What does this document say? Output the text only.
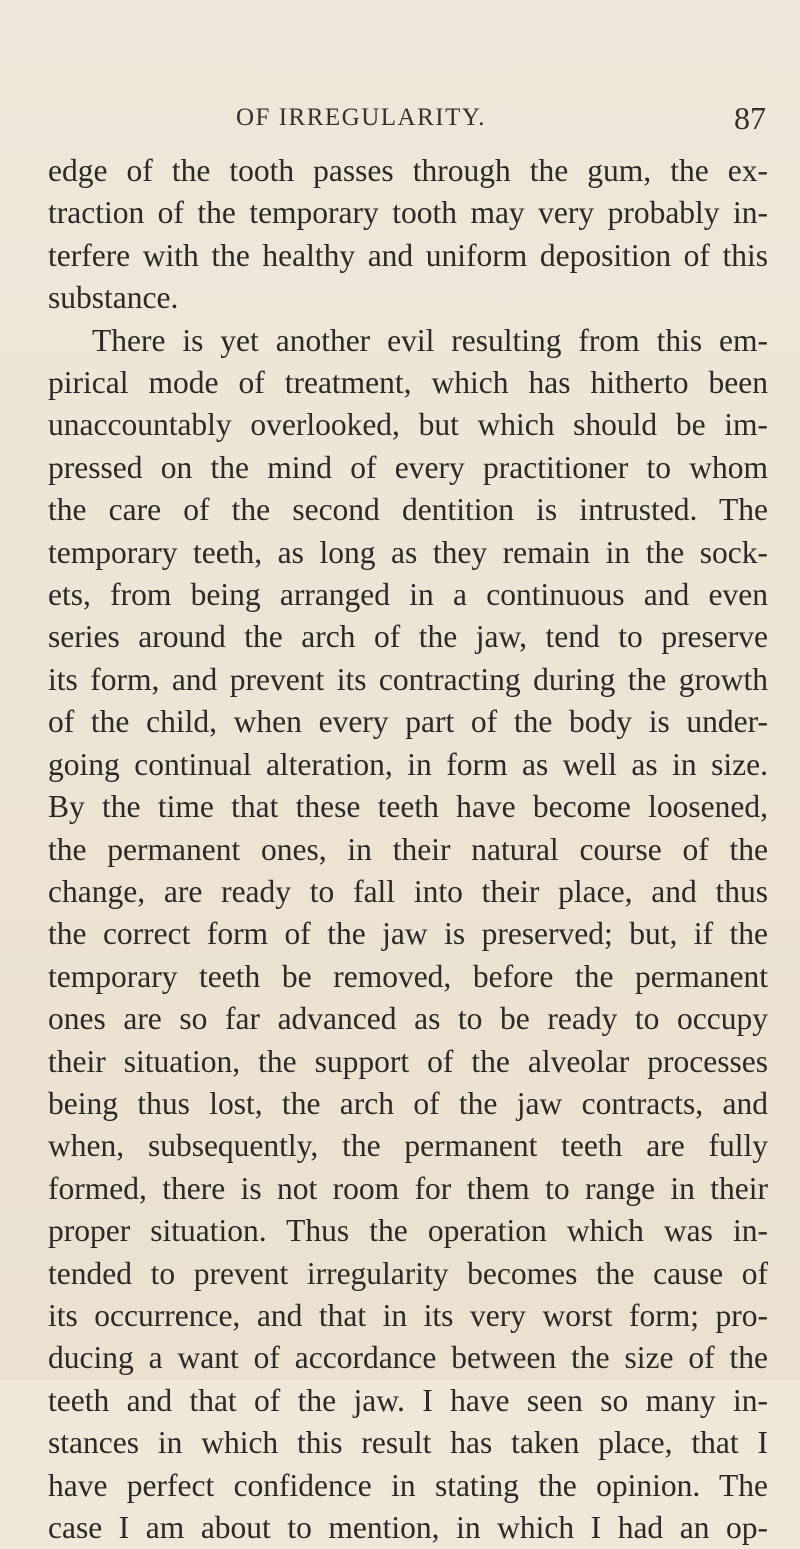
OF IRREGULARITY.	87
edge of the tooth passes through the gum, the ex-
traction of the temporary tooth may very probably in-
terfere with the healthy and uniform deposition of this
substance.
There is yet another evil resulting from this em-
pirical mode of treatment, which has hitherto been
unaccountably overlooked, but which should be im-
pressed on the mind of every practitioner to whom
the care of the second dentition is intrusted. The
temporary teeth, as long as they remain in the sock-
ets, from being arranged in a continuous and even
series around the arch of the jaw, tend to preserve
its form, and prevent its contracting during the growth
of the child, when every part of the body is under-
going continual alteration, in form as well as in size.
By the time that these teeth have become loosened,
the permanent ones, in their natural course of the
change, are ready to fall into their place, and thus
the correct form of the jaw is preserved; but, if the
temporary teeth be removed, before the permanent
ones are so far advanced as to be ready to occupy
their situation, the support of the alveolar processes
being thus lost, the arch of the jaw contracts, and
when, subsequently, the permanent teeth are fully
formed, there is not room for them to range in their
proper situation. Thus the operation which was in-
tended to prevent irregularity becomes the cause of
its occurrence, and that in its very worst form; pro-
ducing a want of accordance between the size of the
teeth and that of the jaw. I have seen so many in-
stances in which this result has taken place, that I
have perfect confidence in stating the opinion. The
case I am about to mention, in which I had an op-
